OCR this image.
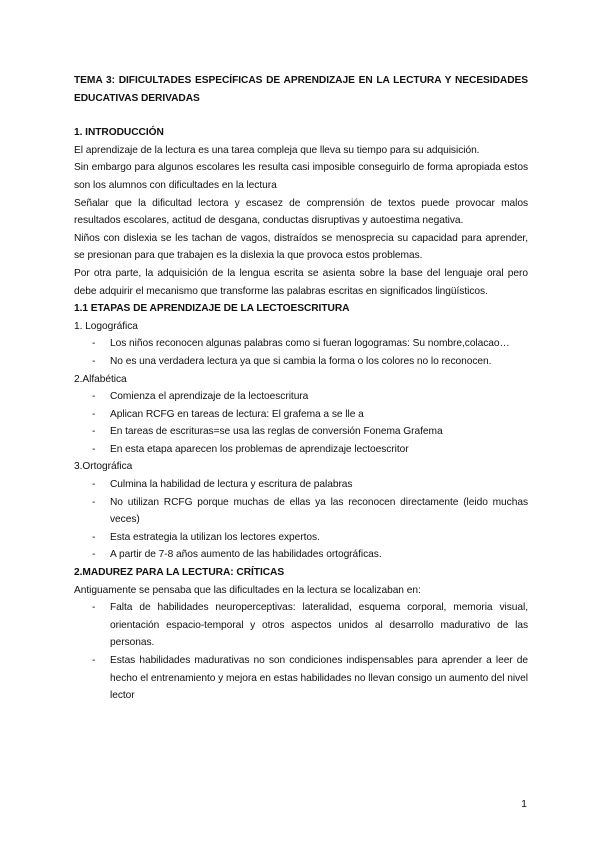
TEMA 3: DIFICULTADES ESPECÍFICAS DE APRENDIZAJE EN LA LECTURA Y NECESIDADES EDUCATIVAS DERIVADAS

1. INTRODUCCIÓN

El aprendizaje de la lectura es una tarea compleja que lleva su tiempo para su adquisición.

Sin embargo para algunos escolares les resulta casi imposible conseguirlo de forma apropiada estos son los alumnos con dificultades en la lectura

Señalar que la dificultad lectora y escasez de comprensión de textos puede provocar malos resultados escolares, actitud de desgana, conductas disruptivas y autoestima negativa.

Niños con dislexia se les tachan de vagos, distraídos se menosprecia su capacidad para aprender, se presionan para que trabajen es la dislexia la que provoca estos problemas.

Por otra parte, la adquisición de la lengua escrita se asienta sobre la base del lenguaje oral pero debe adquirir el mecanismo que transforme las palabras escritas en significados lingüísticos.

1.1 ETAPAS DE APRENDIZAJE DE LA LECTOESCRITURA

1. Logográfica

- Los niños reconocen algunas palabras como si fueran logogramas: Su nombre,colacao…
- No es una verdadera lectura ya que si cambia la forma o los colores no lo reconocen.

2.Alfabética

- Comienza el aprendizaje de la lectoescritura
- Aplican RCFG en tareas de lectura: El grafema a se lle a
- En tareas de escrituras=se usa las reglas de conversión Fonema Grafema
- En esta etapa aparecen los problemas de aprendizaje lectoescritor

3.Ortográfica

- Culmina la habilidad de lectura y escritura de palabras
- No utilizan RCFG porque muchas de ellas ya las reconocen directamente (leido muchas veces)
- Esta estrategia la utilizan los lectores expertos.
- A partir de 7-8 años aumento de las habilidades ortográficas.

2.MADUREZ PARA LA LECTURA: CRÍTICAS

Antiguamente se pensaba que las dificultades en la lectura se localizaban en:

- Falta de habilidades neuroperceptivas: lateralidad, esquema corporal, memoria visual, orientación espacio-temporal y otros aspectos unidos al desarrollo madurativo de las personas.
- Estas habilidades madurativas no son condiciones indispensables para aprender a leer de hecho el entrenamiento y mejora en estas habilidades no llevan consigo un aumento del nivel lector
1
